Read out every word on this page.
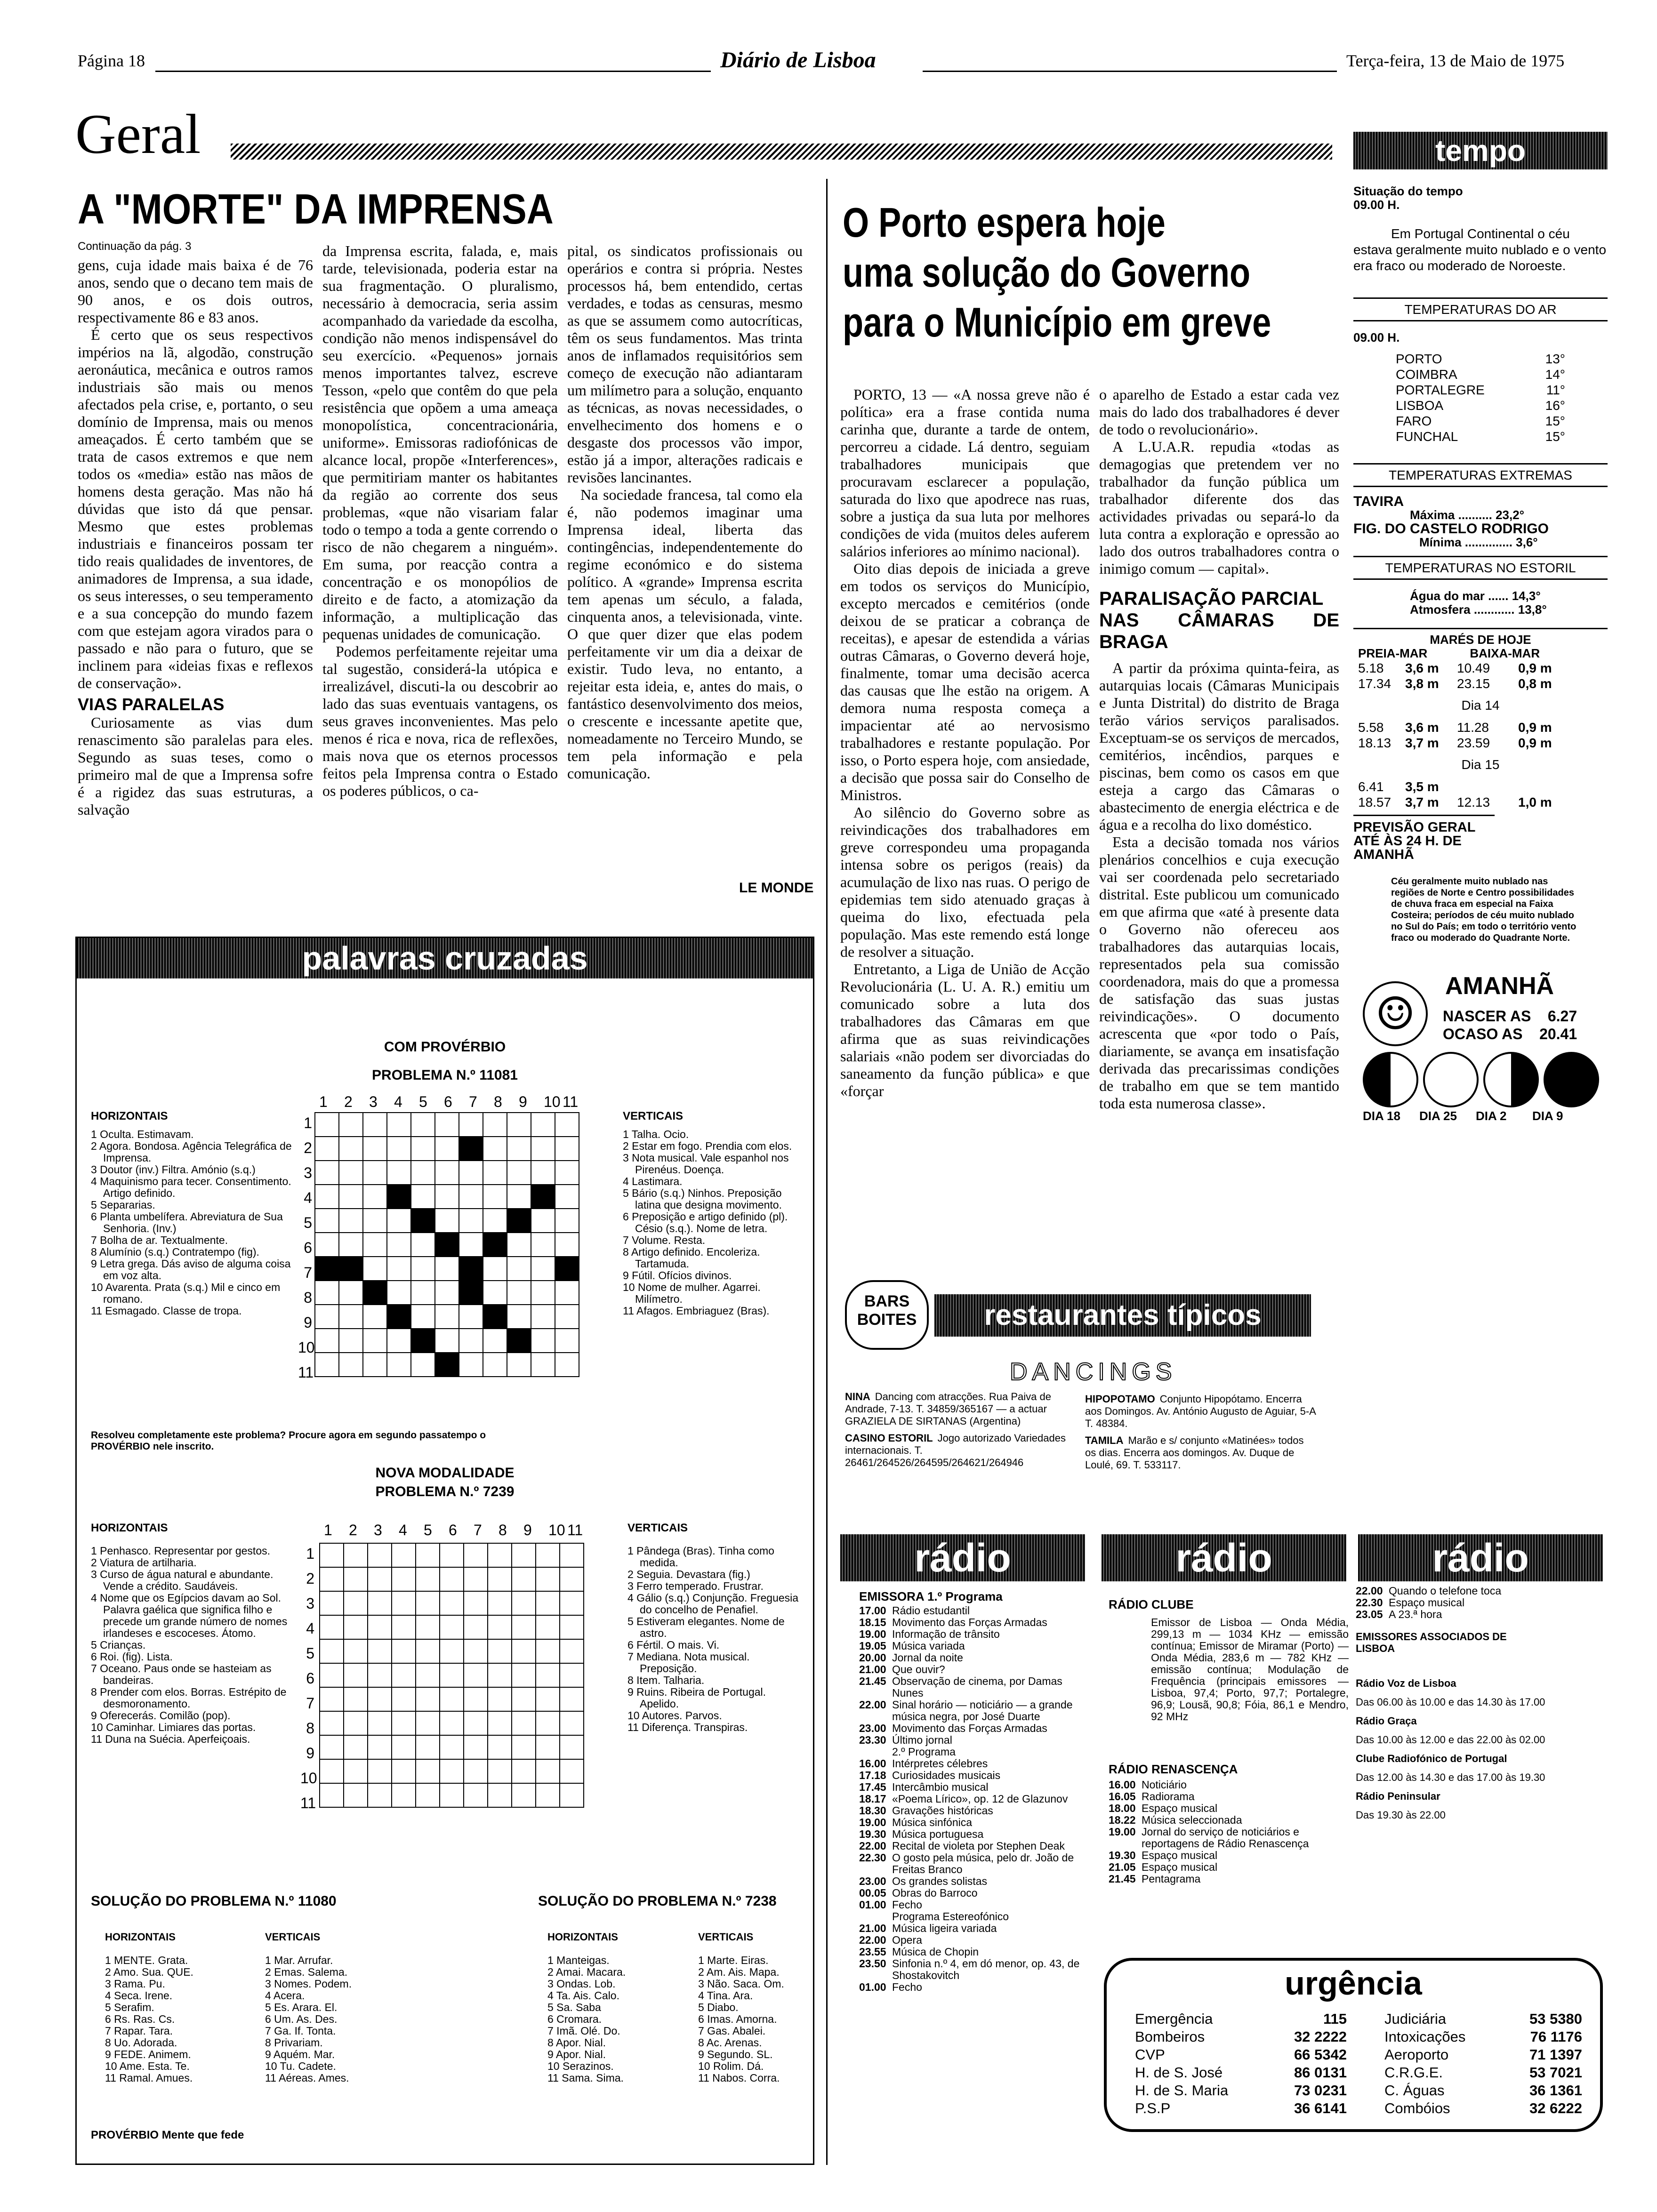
Página 18	Diário de Lisboa	Terça-feira, 13 de Maio de 1975
Geral
A "MORTE" DA IMPRENSA
Continuação da pág. 3

gens, cuja idade mais baixa é de 76 anos, sendo que o decano tem mais de 90 anos, e os dois outros, respectivamente 86 e 83 anos.

É certo que os seus respectivos impérios na lã, algodão, construção aeronáutica, mecânica e outros ramos industriais são mais ou menos afectados pela crise, e, portanto, o seu domínio de Imprensa, mais ou menos ameaçados. É certo também que se trata de casos extremos e que nem todos os «media» estão nas mãos de homens desta geração. Mas não há dúvidas que isto dá que pensar. Mesmo que estes problemas industriais e financeiros possam ter tido reais qualidades de inventores, de animadores de Imprensa, a sua idade, os seus interesses, o seu temperamento e a sua concepção do mundo fazem com que estejam agora virados para o passado e não para o futuro, que se inclinem para «ideias fixas e reflexos de conservação».

VIAS PARALELAS

Curiosamente as vias dum renascimento são paralelas para eles. Segundo as suas teses, como o primeiro mal de que a Imprensa sofre é a rigidez das suas estruturas, a salvação

da Imprensa escrita, falada, e, mais tarde, televisionada, poderia estar na sua fragmentação. O pluralismo, necessário à democracia, seria assim acompanhado da variedade da escolha, condição não menos indispensável do seu exercício. «Pequenos» jornais menos importantes talvez, escreve Tesson, «pelo que contêm do que pela resistência que opõem a uma ameaça monopolística, concentracionária, uniforme». Emissoras radiofónicas de alcance local, propõe «Interferences», que permitiriam manter os habitantes da região ao corrente dos seus problemas, «que não visariam falar todo o tempo a toda a gente correndo o risco de não chegarem a ninguém». Em suma, por reacção contra a concentração e os monopólios de direito e de facto, a atomização da informação, a multiplicação das pequenas unidades de comunicação.

Podemos perfeitamente rejeitar uma tal sugestão, considerá-la utópica e irrealizável, discuti-la ou descobrir ao lado das suas eventuais vantagens, os seus graves inconvenientes. Mas pelo menos é rica e nova, rica de reflexões, mais nova que os eternos processos feitos pela Imprensa contra o Estado os poderes públicos, o ca-

pital, os sindicatos profissionais ou operários e contra si própria. Nestes processos há, bem entendido, certas verdades, e todas as censuras, mesmo as que se assumem como autocríticas, têm os seus fundamentos. Mas trinta anos de inflamados requisitórios sem começo de execução não adiantaram um milímetro para a solução, enquanto as técnicas, as novas necessidades, o envelhecimento dos homens e o desgaste dos processos vão impor, estão já a impor, alterações radicais e revisões lancinantes.

Na sociedade francesa, tal como ela é, não podemos imaginar uma Imprensa ideal, liberta das contingências, independentemente do regime económico e do sistema político. A «grande» Imprensa escrita tem apenas um século, a falada, cinquenta anos, a televisionada, vinte. O que quer dizer que elas podem perfeitamente vir um dia a deixar de existir. Tudo leva, no entanto, a rejeitar esta ideia, e, antes do mais, o fantástico desenvolvimento dos meios, o crescente e incessante apetite que, nomeadamente no Terceiro Mundo, se tem pela informação e pela comunicação.

LE MONDE
O Porto espera hoje
uma solução do Governo
para o Município em greve

PORTO, 13 — «A nossa greve não é política» era a frase contida numa carinha que, durante a tarde de ontem, percorreu a cidade. Lá dentro, seguiam trabalhadores municipais que procuravam esclarecer a população, saturada do lixo que apodrece nas ruas, sobre a justiça da sua luta por melhores condições de vida (muitos deles auferem salários inferiores ao mínimo nacional).

Oito dias depois de iniciada a greve em todos os serviços do Município, excepto mercados e cemitérios (onde deixou de se praticar a cobrança de receitas), e apesar de estendida a várias outras Câmaras, o Governo deverá hoje, finalmente, tomar uma decisão acerca das causas que lhe estão na origem. A demora numa resposta começa a impacientar até ao nervosismo trabalhadores e restante população. Por isso, o Porto espera hoje, com ansiedade, a decisão que possa sair do Conselho de Ministros.

Ao silêncio do Governo sobre as reivindicações dos trabalhadores em greve correspondeu uma propaganda intensa sobre os perigos (reais) da acumulação de lixo nas ruas. O perigo de epidemias tem sido atenuado graças à queima do lixo, efectuada pela população. Mas este remendo está longe de resolver a situação.

Entretanto, a Liga de União de Acção Revolucionária (L. U. A. R.) emitiu um comunicado sobre a luta dos trabalhadores das Câmaras em que afirma que as suas reivindicações salariais «não podem ser divorciadas do saneamento da função pública» e que «forçar

o aparelho de Estado a estar cada vez mais do lado dos trabalhadores é dever de todo o revolucionário».

A L.U.A.R. repudia «todas as demagogias que pretendem ver no trabalhador da função pública um trabalhador diferente dos das actividades privadas ou separá-lo da luta contra a exploração e opressão ao lado dos outros trabalhadores contra o inimigo comum — capital».

PARALISAÇÃO PARCIAL
NAS CÂMARAS DE BRAGA

A partir da próxima quinta-feira, as autarquias locais (Câmaras Municipais e Junta Distrital) do distrito de Braga terão vários serviços paralisados. Exceptuam-se os serviços de mercados, cemitérios, incêndios, parques e piscinas, bem como os casos em que esteja a cargo das Câmaras o abastecimento de energia eléctrica e de água e a recolha do lixo doméstico.

Esta a decisão tomada nos vários plenários concelhios e cuja execução vai ser coordenada pelo secretariado distrital. Este publicou um comunicado em que afirma que «até à presente data o Governo não ofereceu aos trabalhadores das autarquias locais, representados pela sua comissão coordenadora, mais do que a promessa de satisfação das suas justas reivindicações». O documento acrescenta que «por todo o País, diariamente, se avança em insatisfação derivada das precarissimas condições de trabalho em que se tem mantido toda esta numerosa classe».

tempo
Situação do tempo
09.00 H.
Em Portugal Continental o céu estava geralmente muito nublado e o vento era fraco ou moderado de Noroeste.
TEMPERATURAS DO AR
09.00 H.
PORTO	13°
COIMBRA	14°
PORTALEGRE	11°
LISBOA	16°
FARO	15°
FUNCHAL	15°
TEMPERATURAS EXTREMAS
TAVIRA
Máxima .......... 23,2°
FIG. DO CASTELO RODRIGO
Mínima .............. 3,6°
TEMPERATURAS NO ESTORIL
Água do mar ...... 14,3°
Atmosfera ............ 13,8°
MARÉS DE HOJE
PREIA-MAR	BAIXA-MAR
5.18	3,6 m	10.49	0,9 m
17.34	3,8 m	23.15	0,8 m
Dia 14
5.58	3,6 m	11.28	0,9 m
18.13	3,7 m	23.59	0,9 m
Dia 15
6.41	3,5 m
18.57	3,7 m	12.13	1,0 m
PREVISÃO GERAL ATÉ ÀS 24 H. DE AMANHÃ
Céu geralmente muito nublado nas regiões de Norte e Centro possibilidades de chuva fraca em especial na Faixa Costeira; períodos de céu muito nublado no Sul do País; em todo o território vento fraco ou moderado do Quadrante Norte.
☺
AMANHÃ
NASCER AS 6.27
OCASO AS 20.41
DIA 18	DIA 25	DIA 2	DIA 9
palavras cruzadas
COM PROVÉRBIO
PROBLEMA N.º 11081
HORIZONTAIS
1 Oculta. Estimavam.
2 Agora. Bondosa. Agência Telegráfica de Imprensa.
3 Doutor (inv.) Filtra. Amónio (s.q.)
4 Maquinismo para tecer. Consentimento. Artigo definido.
5 Separarias.
6 Planta umbelífera. Abreviatura de Sua Senhoria. (Inv.)
7 Bolha de ar. Textualmente.
8 Alumínio (s.q.) Contratempo (fig).
9 Letra grega. Dás aviso de alguma coisa em voz alta.
10 Avarenta. Prata (s.q.) Mil e cinco em romano.
11 Esmagado. Classe de tropa.
1	2	3	4	5	6	7	8	9	10 11
1
2
3
4
5
6
7
8
9
10
11

VERTICAIS
1 Talha. Ocio.
2 Estar em fogo. Prendia com elos.
3 Nota musical. Vale espanhol nos Pirenéus. Doença.
4 Lastimara.
5 Bário (s.q.) Ninhos. Preposição latina que designa movimento.
6 Preposição e artigo definido (pl). Césio (s.q.). Nome de letra.
7 Volume. Resta.
8 Artigo definido. Encoleriza. Tartamuda.
9 Fútil. Ofícios divinos.
10 Nome de mulher. Agarrei. Milímetro.
11 Afagos. Embriaguez (Bras).
Resolveu completamente este problema? Procure agora em segundo passatempo o PROVÉRBIO nele inscrito.
NOVA MODALIDADE
PROBLEMA N.º 7239
HORIZONTAIS
1 Penhasco. Representar por gestos.
2 Viatura de artilharia.
3 Curso de água natural e abundante. Vende a crédito. Saudáveis.
4 Nome que os Egípcios davam ao Sol. Palavra gaélica que significa filho e precede um grande número de nomes irlandeses e escoceses. Átomo.
5 Crianças.
6 Roi. (fig). Lista.
7 Oceano. Paus onde se hasteiam as bandeiras.
8 Prender com elos. Borras. Estrépito de desmoronamento.
9 Oferecerás. Comilão (pop).
10 Caminhar. Limiares das portas.
11 Duna na Suécia. Aperfeiçoais.
1	2	3	4	5	6	7	8	9	10 11
1
2
3
4
5
6
7
8
9
10
11

VERTICAIS
1 Pândega (Bras). Tinha como medida.
2 Seguia. Devastara (fig.)
3 Ferro temperado. Frustrar.
4 Gálio (s.q.) Conjunção. Freguesia do concelho de Penafiel.
5 Estiveram elegantes. Nome de astro.
6 Fértil. O mais. Vi.
7 Mediana. Nota musical. Preposição.
8 Item. Talharia.
9 Ruins. Ribeira de Portugal. Apelido.
10 Autores. Parvos.
11 Diferença. Transpiras.
SOLUÇÃO DO PROBLEMA N.º 11080
HORIZONTAIS
1 MENTE. Grata.
2 Amo. Sua. QUE.
3 Rama. Pu.
4 Seca. Irene.
5 Serafim.
6 Rs. Ras. Cs.
7 Rapar. Tara.
8 Uo. Adorada.
9 FEDE. Animem.
10 Ame. Esta. Te.
11 Ramal. Amues.
VERTICAIS
1 Mar. Arrufar.
2 Emas. Salema.
3 Nomes. Podem.
4 Acera.
5 Es. Arara. El.
6 Um. As. Des.
7 Ga. If. Tonta.
8 Privariam.
9 Aquém. Mar.
10 Tu. Cadete.
11 Aéreas. Ames.
SOLUÇÃO DO PROBLEMA N.º 7238
HORIZONTAIS
1 Manteigas.
2 Amai. Macara.
3 Ondas. Lob.
4 Ta. Ais. Calo.
5 Sa. Saba
6 Cromara.
7 Imã. Olé. Do.
8 Apor. Nial.
9 Apor. Nial.
10 Serazinos.
11 Sama. Sima.
VERTICAIS
1 Marte. Eiras.
2 Am. Ais. Mapa.
3 Não. Saca. Om.
4 Tina. Ara.
5 Diabo.
6 Imas. Amorna.
7 Gas. Abalei.
8 Ac. Arenas.
9 Segundo. SL.
10 Rolim. Dá.
11 Nabos. Corra.
PROVÉRBIO Mente que fede
BARS
BOITES	restaurantes típicos
DANCINGS
NINA Dancing com atracções. Rua Paiva de Andrade, 7-13. T. 34859/365167 — a actuar GRAZIELA DE SIRTANAS (Argentina)
CASINO ESTORIL Jogo autorizado Variedades internacionais. T. 26461/264526/264595/264621/264946
HIPOPOTAMO Conjunto Hipopótamo. Encerra aos Domingos. Av. António Augusto de Aguiar, 5-A T. 48384.
TAMILA Marão e s/ conjunto «Matinées» todos os dias. Encerra aos domingos. Av. Duque de Loulé, 69. T. 533117.
rádio	rádio	rádio
EMISSORA 1.º Programa
17.00 Rádio estudantil
18.15 Movimento das Forças Armadas
19.00 Informação de trânsito
19.05 Música variada
20.00 Jornal da noite
21.00 Que ouvir?
21.45 Observação de cinema, por Damas Nunes
22.00 Sinal horário — noticiário — a grande música negra, por José Duarte
23.00 Movimento das Forças Armadas
23.30 Último jornal
2.º Programa
16.00 Intérpretes célebres
17.18 Curiosidades musicais
17.45 Intercâmbio musical
18.17 «Poema Lírico», op. 12 de Glazunov
18.30 Gravações históricas
19.00 Música sinfónica
19.30 Música portuguesa
22.00 Recital de violeta por Stephen Deak
22.30 O gosto pela música, pelo dr. João de Freitas Branco
23.00 Os grandes solistas
00.05 Obras do Barroco
01.00 Fecho
Programa Estereofónico
21.00 Música ligeira variada
22.00 Opera
23.55 Música de Chopin
23.50 Sinfonia n.º 4, em dó menor, op. 43, de Shostakovitch
01.00 Fecho
RÁDIO CLUBE
Emissor de Lisboa — Onda Média, 299,13 m — 1034 KHz — emissão contínua; Emissor de Miramar (Porto) — Onda Média, 283,6 m — 782 KHz — emissão contínua; Modulação de Frequência (principais emissores — Lisboa, 97,4; Porto, 97,7; Portalegre, 96,9; Lousã, 90,8; Fóia, 86,1 e Mendro, 92 MHz
RÁDIO RENASCENÇA
16.00 Noticiário
16.05 Radiorama
18.00 Espaço musical
18.22 Música seleccionada
19.00 Jornal do serviço de noticiários e reportagens de Rádio Renascença
19.30 Espaço musical
21.05 Espaço musical
21.45 Pentagrama
22.00 Quando o telefone toca
22.30 Espaço musical
23.05 A 23.ª hora
EMISSORES ASSOCIADOS DE LISBOA
Rádio Voz de Lisboa
Das 06.00 às 10.00 e das 14.30 às 17.00
Rádio Graça
Das 10.00 às 12.00 e das 22.00 às 02.00
Clube Radiofónico de Portugal
Das 12.00 às 14.30 e das 17.00 às 19.30
Rádio Peninsular
Das 19.30 às 22.00
urgência
Emergência	115
Bombeiros	32 2222
CVP	66 5342
H. de S. José	86 0131
H. de S. Maria	73 0231
P.S.P	36 6141
Judiciária	53 5380
Intoxicações	76 1176
Aeroporto	71 1397
C.R.G.E.	53 7021
C. Águas	36 1361
Combóios	32 6222
